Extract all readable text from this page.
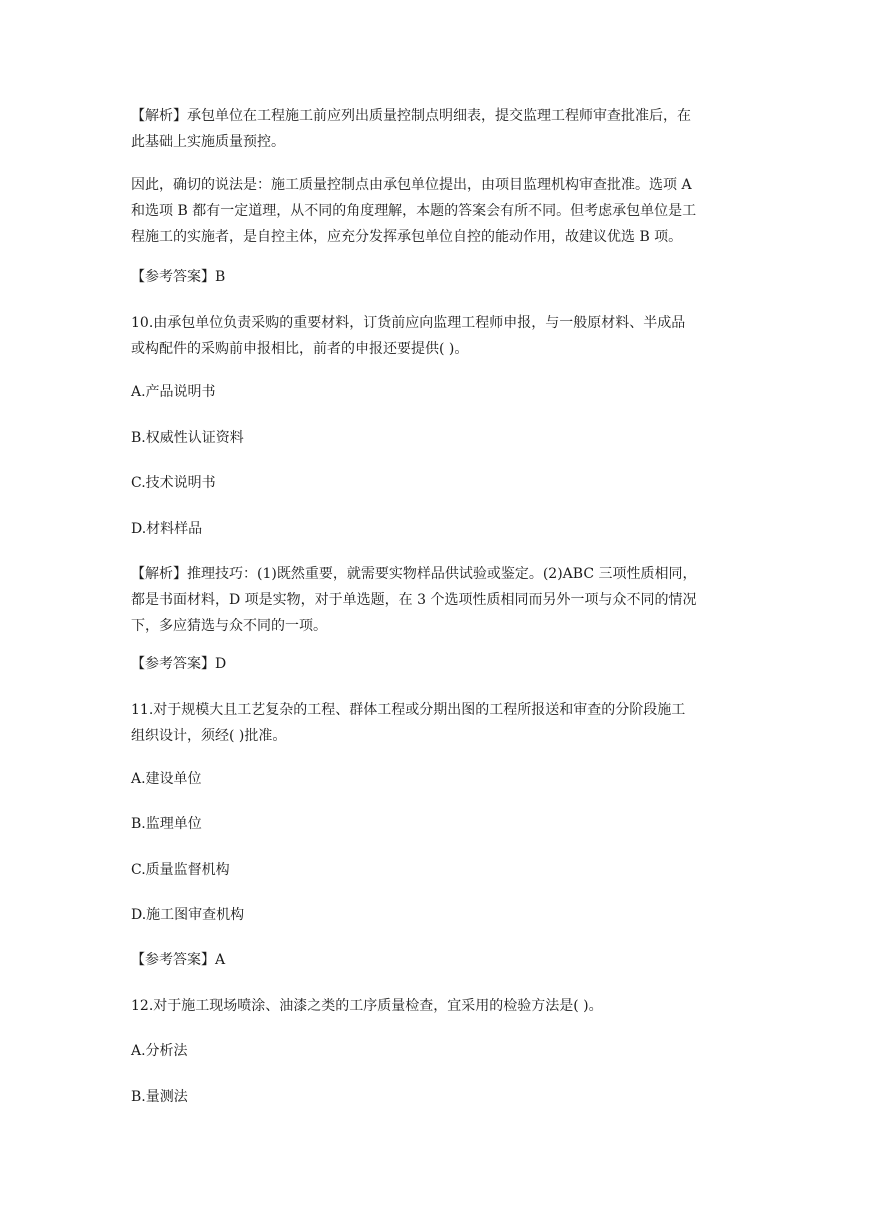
【解析】承包单位在工程施工前应列出质量控制点明细表，提交监理工程师审查批准后，在
此基础上实施质量预控。

因此，确切的说法是：施工质量控制点由承包单位提出，由项目监理机构审查批准。选项 A
和选项 B 都有一定道理，从不同的角度理解，本题的答案会有所不同。但考虑承包单位是工
程施工的实施者，是自控主体，应充分发挥承包单位自控的能动作用，故建议优选 B 项。

【参考答案】B

10.由承包单位负责采购的重要材料，订货前应向监理工程师申报，与一般原材料、半成品
或构配件的采购前申报相比，前者的申报还要提供( )。

A.产品说明书

B.权威性认证资料

C.技术说明书

D.材料样品

【解析】推理技巧：(1)既然重要，就需要实物样品供试验或鉴定。(2)ABC 三项性质相同，
都是书面材料，D 项是实物，对于单选题，在 3 个选项性质相同而另外一项与众不同的情况
下，多应猜选与众不同的一项。

【参考答案】D

11.对于规模大且工艺复杂的工程、群体工程或分期出图的工程所报送和审查的分阶段施工
组织设计，须经( )批准。

A.建设单位

B.监理单位

C.质量监督机构

D.施工图审查机构

【参考答案】A

12.对于施工现场喷涂、油漆之类的工序质量检查，宜采用的检验方法是( )。

A.分析法

B.量测法
